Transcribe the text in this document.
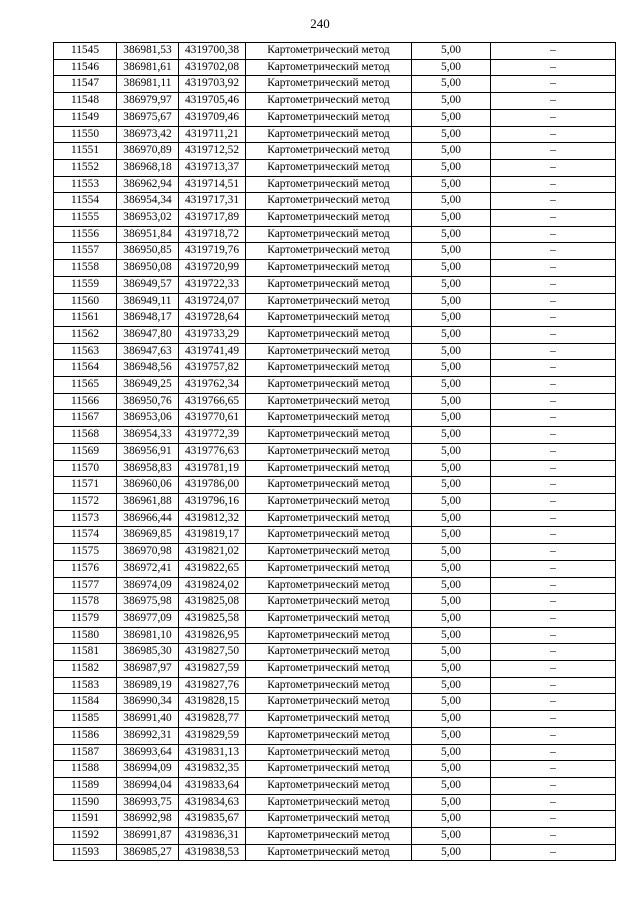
240
11545	386981,53	4319700,38	Картометрический метод	5,00	–
11546	386981,61	4319702,08	Картометрический метод	5,00	–
11547	386981,11	4319703,92	Картометрический метод	5,00	–
11548	386979,97	4319705,46	Картометрический метод	5,00	–
11549	386975,67	4319709,46	Картометрический метод	5,00	–
11550	386973,42	4319711,21	Картометрический метод	5,00	–
11551	386970,89	4319712,52	Картометрический метод	5,00	–
11552	386968,18	4319713,37	Картометрический метод	5,00	–
11553	386962,94	4319714,51	Картометрический метод	5,00	–
11554	386954,34	4319717,31	Картометрический метод	5,00	–
11555	386953,02	4319717,89	Картометрический метод	5,00	–
11556	386951,84	4319718,72	Картометрический метод	5,00	–
11557	386950,85	4319719,76	Картометрический метод	5,00	–
11558	386950,08	4319720,99	Картометрический метод	5,00	–
11559	386949,57	4319722,33	Картометрический метод	5,00	–
11560	386949,11	4319724,07	Картометрический метод	5,00	–
11561	386948,17	4319728,64	Картометрический метод	5,00	–
11562	386947,80	4319733,29	Картометрический метод	5,00	–
11563	386947,63	4319741,49	Картометрический метод	5,00	–
11564	386948,56	4319757,82	Картометрический метод	5,00	–
11565	386949,25	4319762,34	Картометрический метод	5,00	–
11566	386950,76	4319766,65	Картометрический метод	5,00	–
11567	386953,06	4319770,61	Картометрический метод	5,00	–
11568	386954,33	4319772,39	Картометрический метод	5,00	–
11569	386956,91	4319776,63	Картометрический метод	5,00	–
11570	386958,83	4319781,19	Картометрический метод	5,00	–
11571	386960,06	4319786,00	Картометрический метод	5,00	–
11572	386961,88	4319796,16	Картометрический метод	5,00	–
11573	386966,44	4319812,32	Картометрический метод	5,00	–
11574	386969,85	4319819,17	Картометрический метод	5,00	–
11575	386970,98	4319821,02	Картометрический метод	5,00	–
11576	386972,41	4319822,65	Картометрический метод	5,00	–
11577	386974,09	4319824,02	Картометрический метод	5,00	–
11578	386975,98	4319825,08	Картометрический метод	5,00	–
11579	386977,09	4319825,58	Картометрический метод	5,00	–
11580	386981,10	4319826,95	Картометрический метод	5,00	–
11581	386985,30	4319827,50	Картометрический метод	5,00	–
11582	386987,97	4319827,59	Картометрический метод	5,00	–
11583	386989,19	4319827,76	Картометрический метод	5,00	–
11584	386990,34	4319828,15	Картометрический метод	5,00	–
11585	386991,40	4319828,77	Картометрический метод	5,00	–
11586	386992,31	4319829,59	Картометрический метод	5,00	–
11587	386993,64	4319831,13	Картометрический метод	5,00	–
11588	386994,09	4319832,35	Картометрический метод	5,00	–
11589	386994,04	4319833,64	Картометрический метод	5,00	–
11590	386993,75	4319834,63	Картометрический метод	5,00	–
11591	386992,98	4319835,67	Картометрический метод	5,00	–
11592	386991,87	4319836,31	Картометрический метод	5,00	–
11593	386985,27	4319838,53	Картометрический метод	5,00	–
